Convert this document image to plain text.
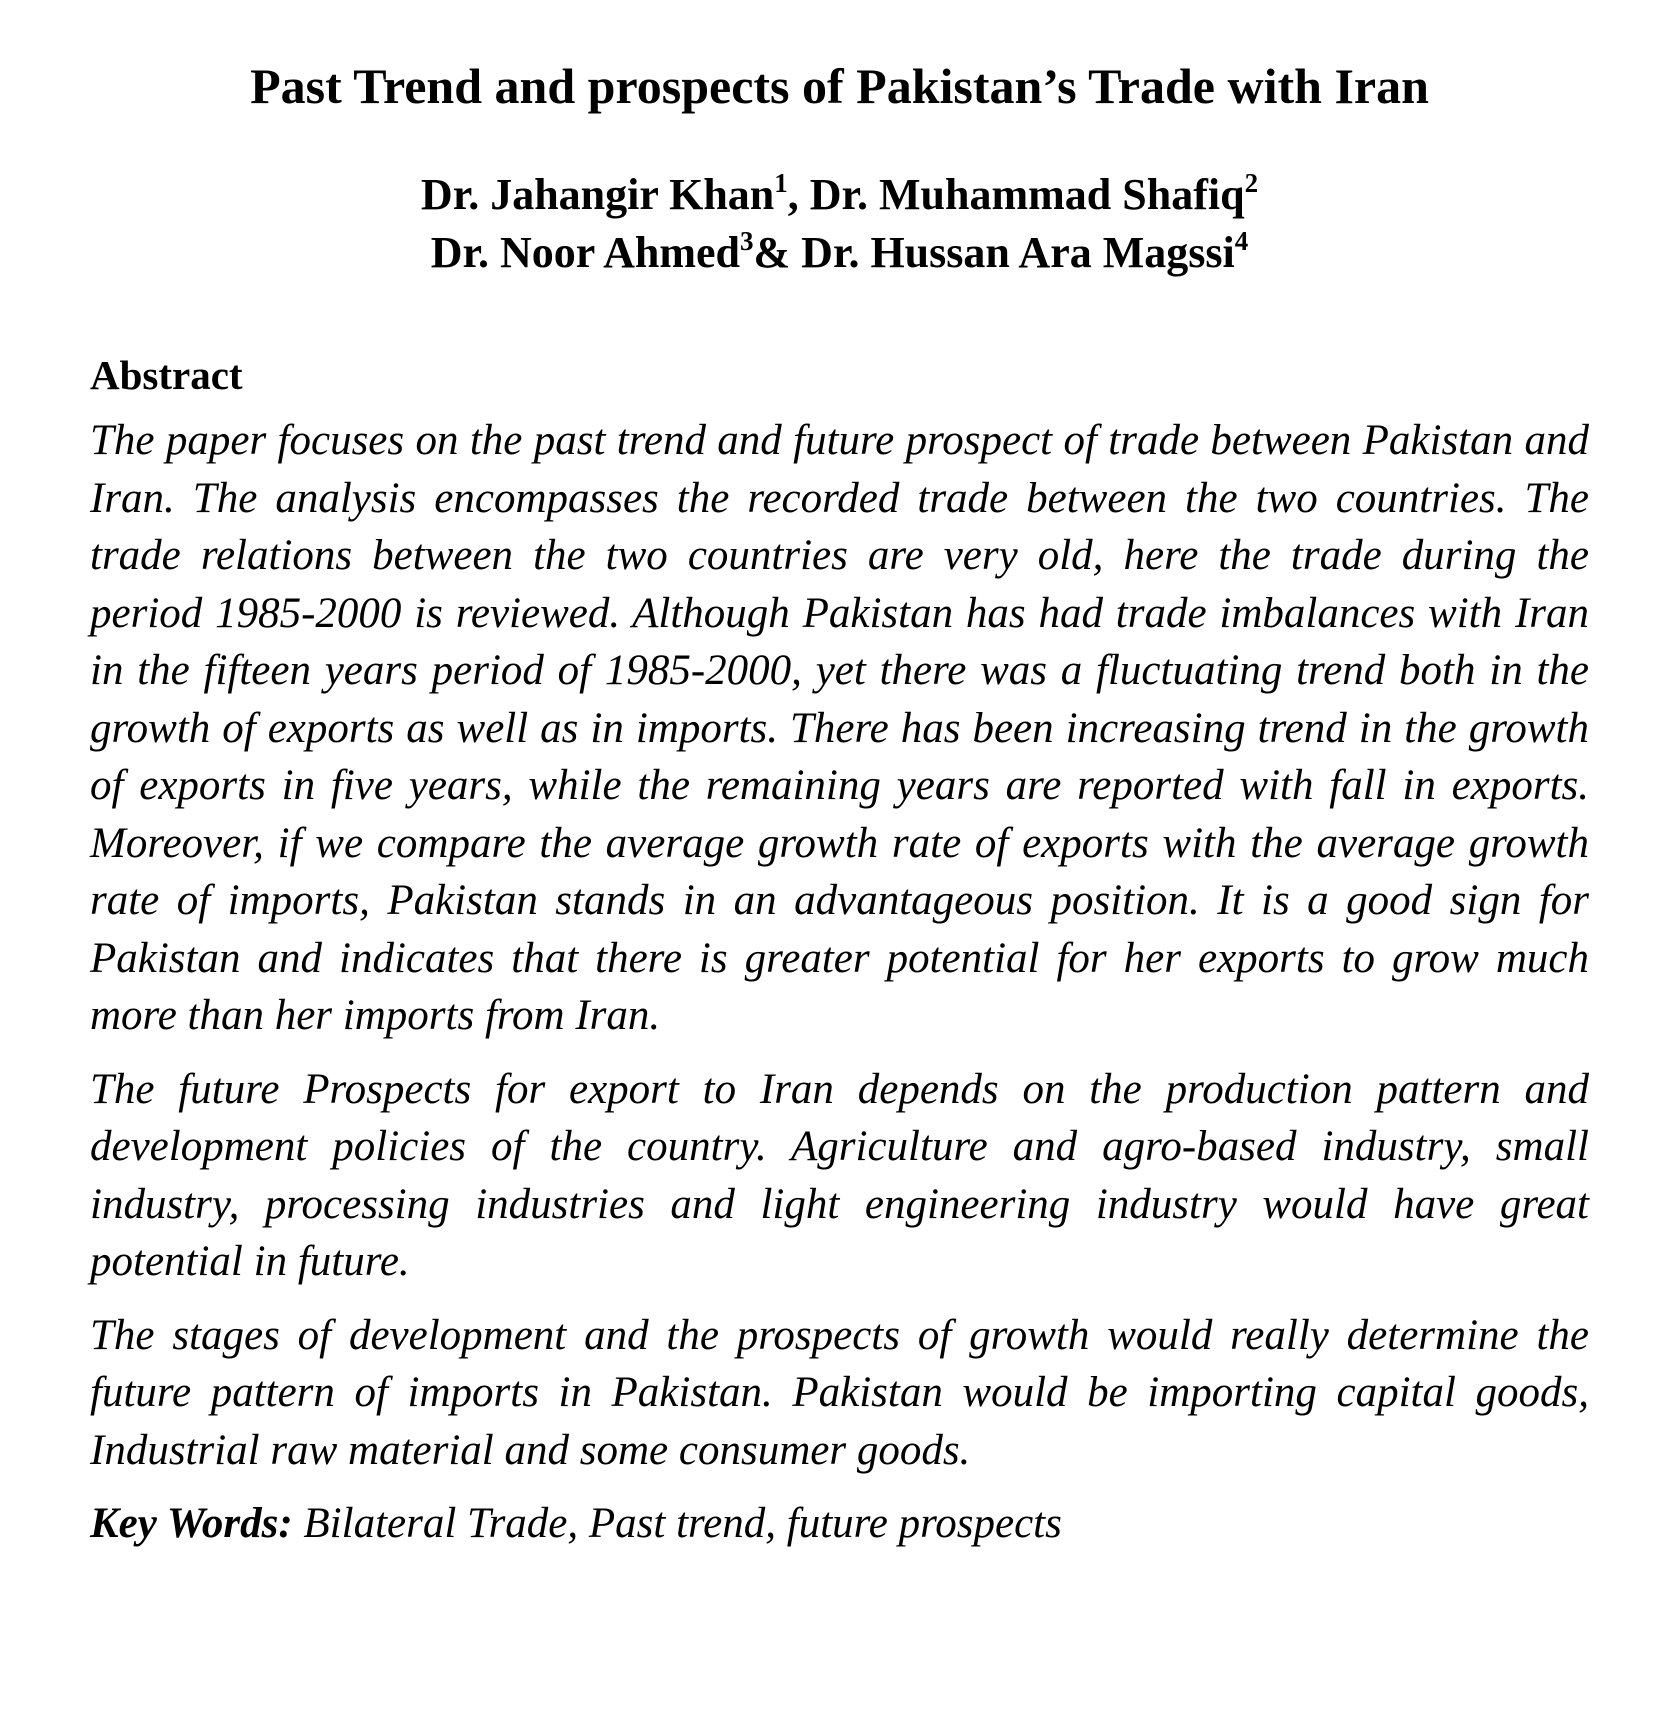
Past Trend and prospects of Pakistan’s Trade with Iran
Dr. Jahangir Khan$^1$, Dr. Muhammad Shafiq$^2$
Dr. Noor Ahmed$^3$& Dr. Hussan Ara Magssi$^4$
Abstract

The paper focuses on the past trend and future prospect of trade between Pakistan and Iran. The analysis encompasses the recorded trade between the two countries. The trade relations between the two countries are very old, here the trade during the period 1985-2000 is reviewed. Although Pakistan has had trade imbalances with Iran in the fifteen years period of 1985-2000, yet there was a fluctuating trend both in the growth of exports as well as in imports. There has been increasing trend in the growth of exports in five years, while the remaining years are reported with fall in exports. Moreover, if we compare the average growth rate of exports with the average growth rate of imports, Pakistan stands in an advantageous position. It is a good sign for Pakistan and indicates that there is greater potential for her exports to grow much more than her imports from Iran.

The future Prospects for export to Iran depends on the production pattern and development policies of the country. Agriculture and agro-based industry, small industry, processing industries and light engineering industry would have great potential in future.

The stages of development and the prospects of growth would really determine the future pattern of imports in Pakistan. Pakistan would be importing capital goods, Industrial raw material and some consumer goods.

Key Words: Bilateral Trade, Past trend, future prospects
